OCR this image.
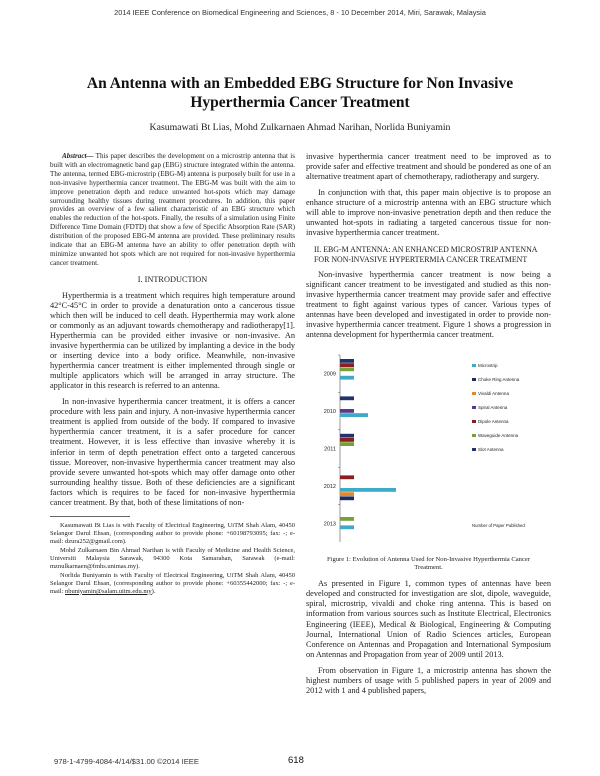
2014 IEEE Conference on Biomedical Engineering and Sciences, 8 - 10 December 2014, Miri, Sarawak, Malaysia
An Antenna with an Embedded EBG Structure for Non Invasive
Hyperthermia Cancer Treatment
Kasumawati Bt Lias, Mohd Zulkarnaen Ahmad Narihan, Norlida Buniyamin

Abstract— This paper describes the development on a microstrip antenna that is built with an electromagnetic band gap (EBG) structure integrated within the antenna. The antenna, termed EBG-microstrip (EBG-M) antenna is purposely built for use in a non-invasive hyperthermia cancer treatment. The EBG-M was built with the aim to improve penetration depth and reduce unwanted hot-spots which may damage surrounding healthy tissues during treatment procedures. In addition, this paper provides an overview of a few salient characteristic of an EBG structure which enables the reduction of the hot-spots. Finally, the results of a simulation using Finite Difference Time Domain (FDTD) that show a few of Specific Absorption Rate (SAR) distribution of the proposed EBG-M antenna are provided. These preliminary results indicate that an EBG-M antenna have an ability to offer penetration depth with minimize unwanted hot spots which are not required for non-invasive hyperthermia cancer treatment.

I. INTRODUCTION

Hyperthermia is a treatment which requires high temperature around 42°C-45°C in order to provide a denaturation onto a cancerous tissue which then will be induced to cell death. Hyperthermia may work alone or commonly as an adjuvant towards chemotherapy and radiotherapy[1]. Hyperthermia can be provided either invasive or non-invasive. An invasive hyperthermia can be utilized by implanting a device in the body or inserting device into a body orifice. Meanwhile, non-invasive hyperthermia cancer treatment is either implemented through single or multiple applicators which will be arranged in array structure. The applicator in this research is referred to an antenna.

In non-invasive hyperthermia cancer treatment, it is offers a cancer procedure with less pain and injury. A non-invasive hyperthermia cancer treatment is applied from outside of the body. If compared to invasive hyperthermia cancer treatment, it is a safer procedure for cancer treatment. However, it is less effective than invasive whereby it is inferior in term of depth penetration effect onto a targeted cancerous tissue. Moreover, non-invasive hyperthermia cancer treatment may also provide severe unwanted hot-spots which may offer damage onto other surrounding healthy tissue. Both of these deficiencies are a significant factors which is requires to be faced for non-invasive hyperthermia cancer treatment. By that, both of these limitations of non-

Kasumawati Bt Lias is with Faculty of Electrical Engineering, UiTM Shah Alam, 40450 Selangor Darul Ehsan, (corresponding author to provide phone: +60198793095; fax: -; e-mail: dzura252@gmail.com).

Mohd Zulkarnaen Bin Ahmad Narihan is with Faculty of Medicine and Health Science, Universiti Malaysia Sarawak, 94300 Kota Samarahan, Sarawak (e-mail: mznulkarnaen@fmhs.unimas.my).

Norlida Buniyamin is with Faculty of Electrical Engineering, UiTM Shah Alam, 40450 Selangor Darul Ehsan, (corresponding author to provide phone: +60355442000; fax: -; e-mail: nbuniyamin@salam.uitm.edu.my).

invasive hyperthermia cancer treatment need to be improved as to provide safer and effective treatment and should be pondered as one of an alternative treatment apart of chemotherapy, radiotherapy and surgery.

In conjunction with that, this paper main objective is to propose an enhance structure of a microstrip antenna with an EBG structure which will able to improve non-invasive penetration depth and then reduce the unwanted hot-spots in radiating a targeted cancerous tissue for non-invasive hyperthermia cancer treatment.

II. EBG-M ANTENNA: AN ENHANCED MICROSTRIP ANTENNA FOR NON-INVASIVE HYPERTERMIA CANCER TREATMENT

Non-invasive hyperthermia cancer treatment is now being a significant cancer treatment to be investigated and studied as this non-invasive hyperthermia cancer treatment may provide safer and effective treatment to fight against various types of cancer. Various types of antennas have been developed and investigated in order to provide non-invasive hyperthermia cancer treatment. Figure 1 shows a progression in antenna development for hyperthermia cancer treatment.

2009
2010
2011
2012
2013
Microstrip
Choke Ring Antenna
Vivaldi Antenna
Spiral Antenna
Dipole Antenna
Waveguide Antenna
Slot Antenna
Number of Paper Published
Figure 1: Evolution of Antenna Used for Non-Invasive Hyperthermia Cancer Treatment.

As presented in Figure 1, common types of antennas have been developed and constructed for investigation are slot, dipole, waveguide, spiral, microstrip, vivaldi and choke ring antenna. This is based on information from various sources such as Institute Electrical, Electronics Engineering (IEEE), Medical & Biological, Engineering & Computing Journal, International Union of Radio Sciences articles, European Conference on Antennas and Propagation and International Symposium on Antennas and Propagation from year of 2009 until 2013.

From observation in Figure 1, a microstrip antenna has shown the highest numbers of usage with 5 published papers in year of 2009 and 2012 with 1 and 4 published papers,

978-1-4799-4084-4/14/$31.00 ©2014 IEEE	618
